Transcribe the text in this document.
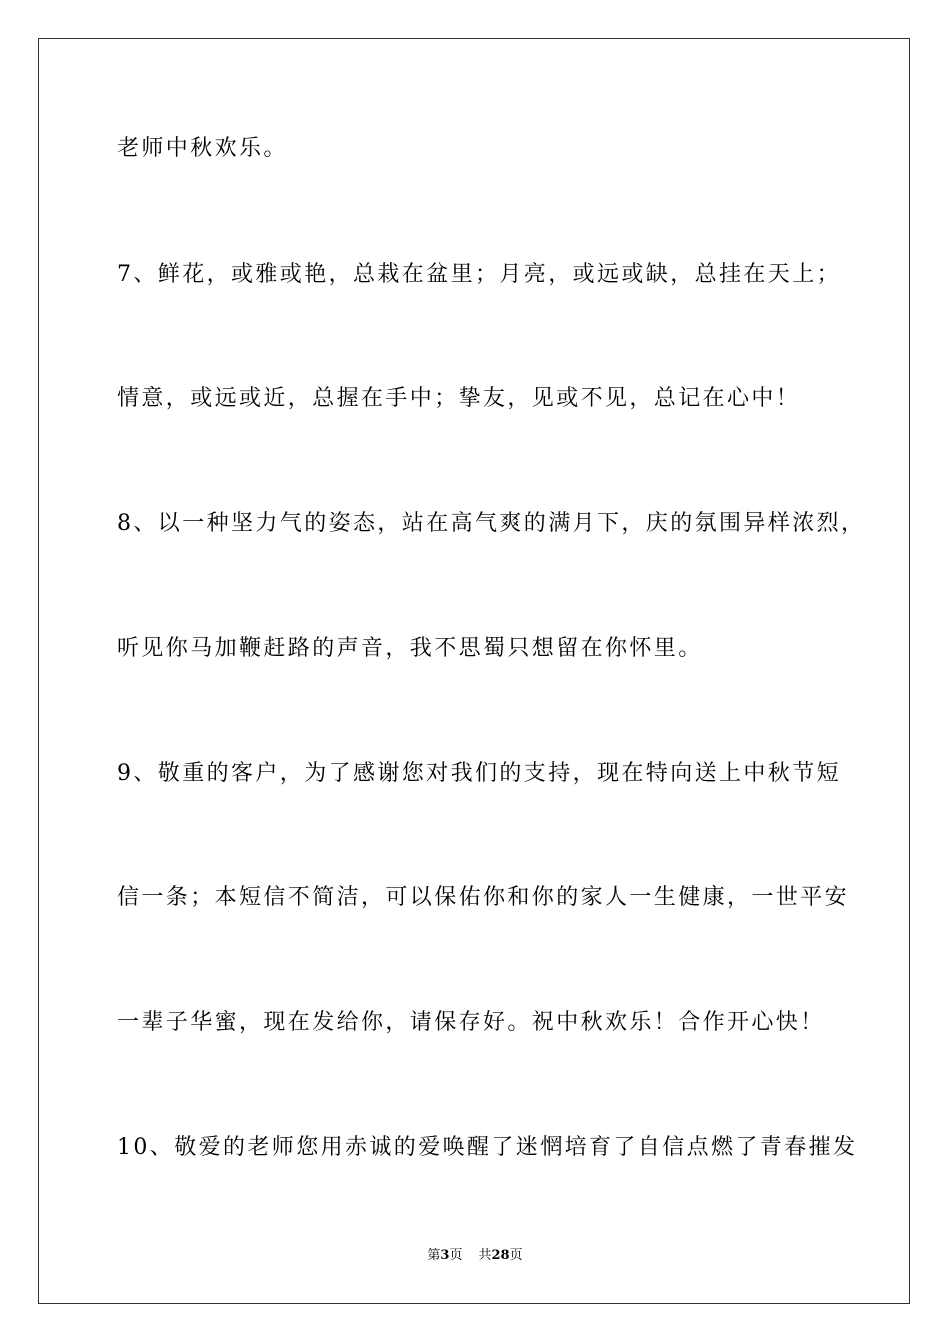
老师中秋欢乐。
7、鲜花，或雅或艳，总栽在盆里；月亮，或远或缺，总挂在天上；
情意，或远或近，总握在手中；挚友，见或不见，总记在心中！
8、以一种坚力气的姿态，站在高气爽的满月下，庆的氛围异样浓烈，
听见你马加鞭赶路的声音，我不思蜀只想留在你怀里。
9、敬重的客户，为了感谢您对我们的支持，现在特向送上中秋节短
信一条；本短信不简洁，可以保佑你和你的家人一生健康，一世平安
一辈子华蜜，现在发给你，请保存好。祝中秋欢乐！合作开心快！
10、敬爱的老师您用赤诚的爱唤醒了迷惘培育了自信点燃了青春摧发
第3页 共28页
